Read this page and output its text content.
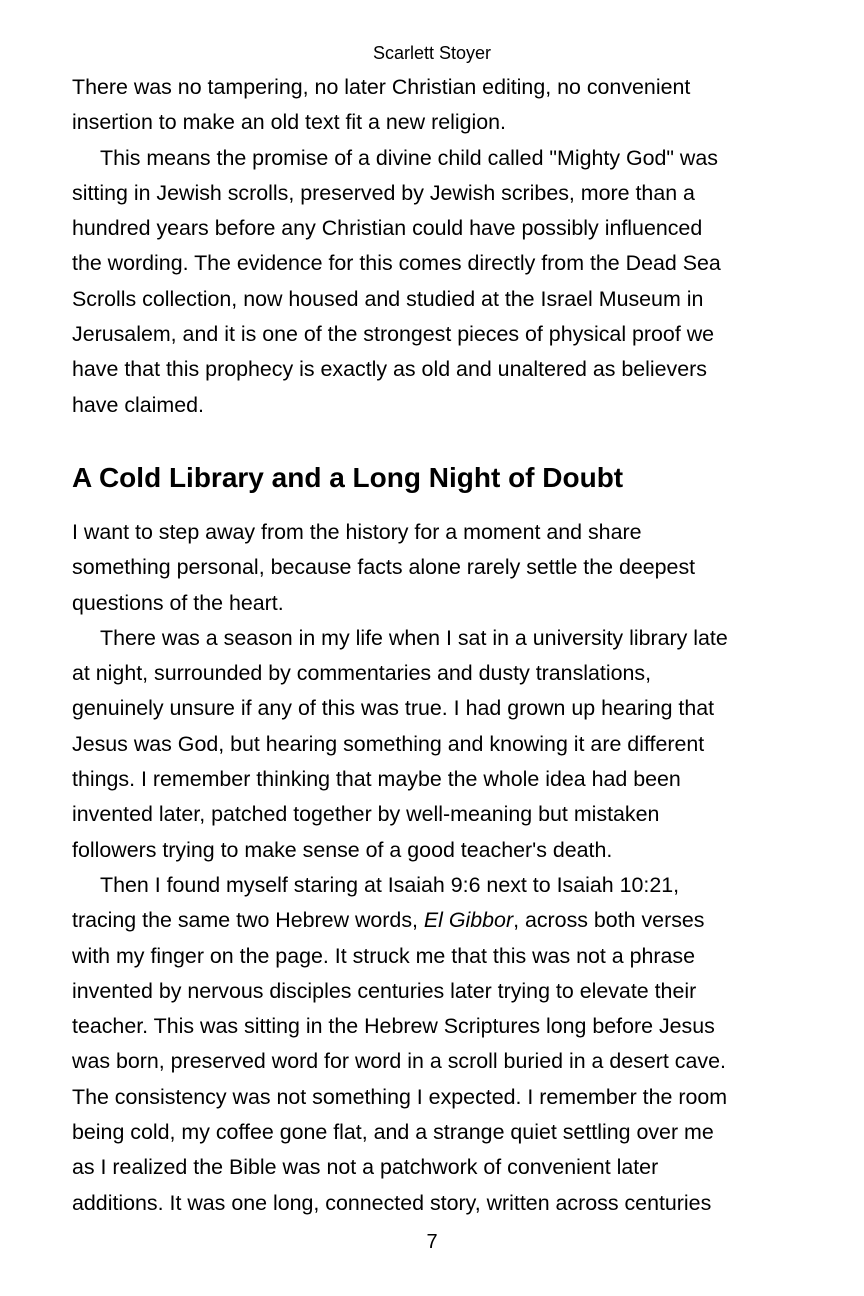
Scarlett Stoyer

There was no tampering, no later Christian editing, no convenient
insertion to make an old text fit a new religion.

This means the promise of a divine child called "Mighty God" was
sitting in Jewish scrolls, preserved by Jewish scribes, more than a
hundred years before any Christian could have possibly influenced
the wording. The evidence for this comes directly from the Dead Sea
Scrolls collection, now housed and studied at the Israel Museum in
Jerusalem, and it is one of the strongest pieces of physical proof we
have that this prophecy is exactly as old and unaltered as believers
have claimed.

A Cold Library and a Long Night of Doubt

I want to step away from the history for a moment and share
something personal, because facts alone rarely settle the deepest
questions of the heart.

There was a season in my life when I sat in a university library late
at night, surrounded by commentaries and dusty translations,
genuinely unsure if any of this was true. I had grown up hearing that
Jesus was God, but hearing something and knowing it are different
things. I remember thinking that maybe the whole idea had been
invented later, patched together by well-meaning but mistaken
followers trying to make sense of a good teacher's death.

Then I found myself staring at Isaiah 9:6 next to Isaiah 10:21,
tracing the same two Hebrew words, El Gibbor, across both verses
with my finger on the page. It struck me that this was not a phrase
invented by nervous disciples centuries later trying to elevate their
teacher. This was sitting in the Hebrew Scriptures long before Jesus
was born, preserved word for word in a scroll buried in a desert cave.
The consistency was not something I expected. I remember the room
being cold, my coffee gone flat, and a strange quiet settling over me
as I realized the Bible was not a patchwork of convenient later
additions. It was one long, connected story, written across centuries

7
